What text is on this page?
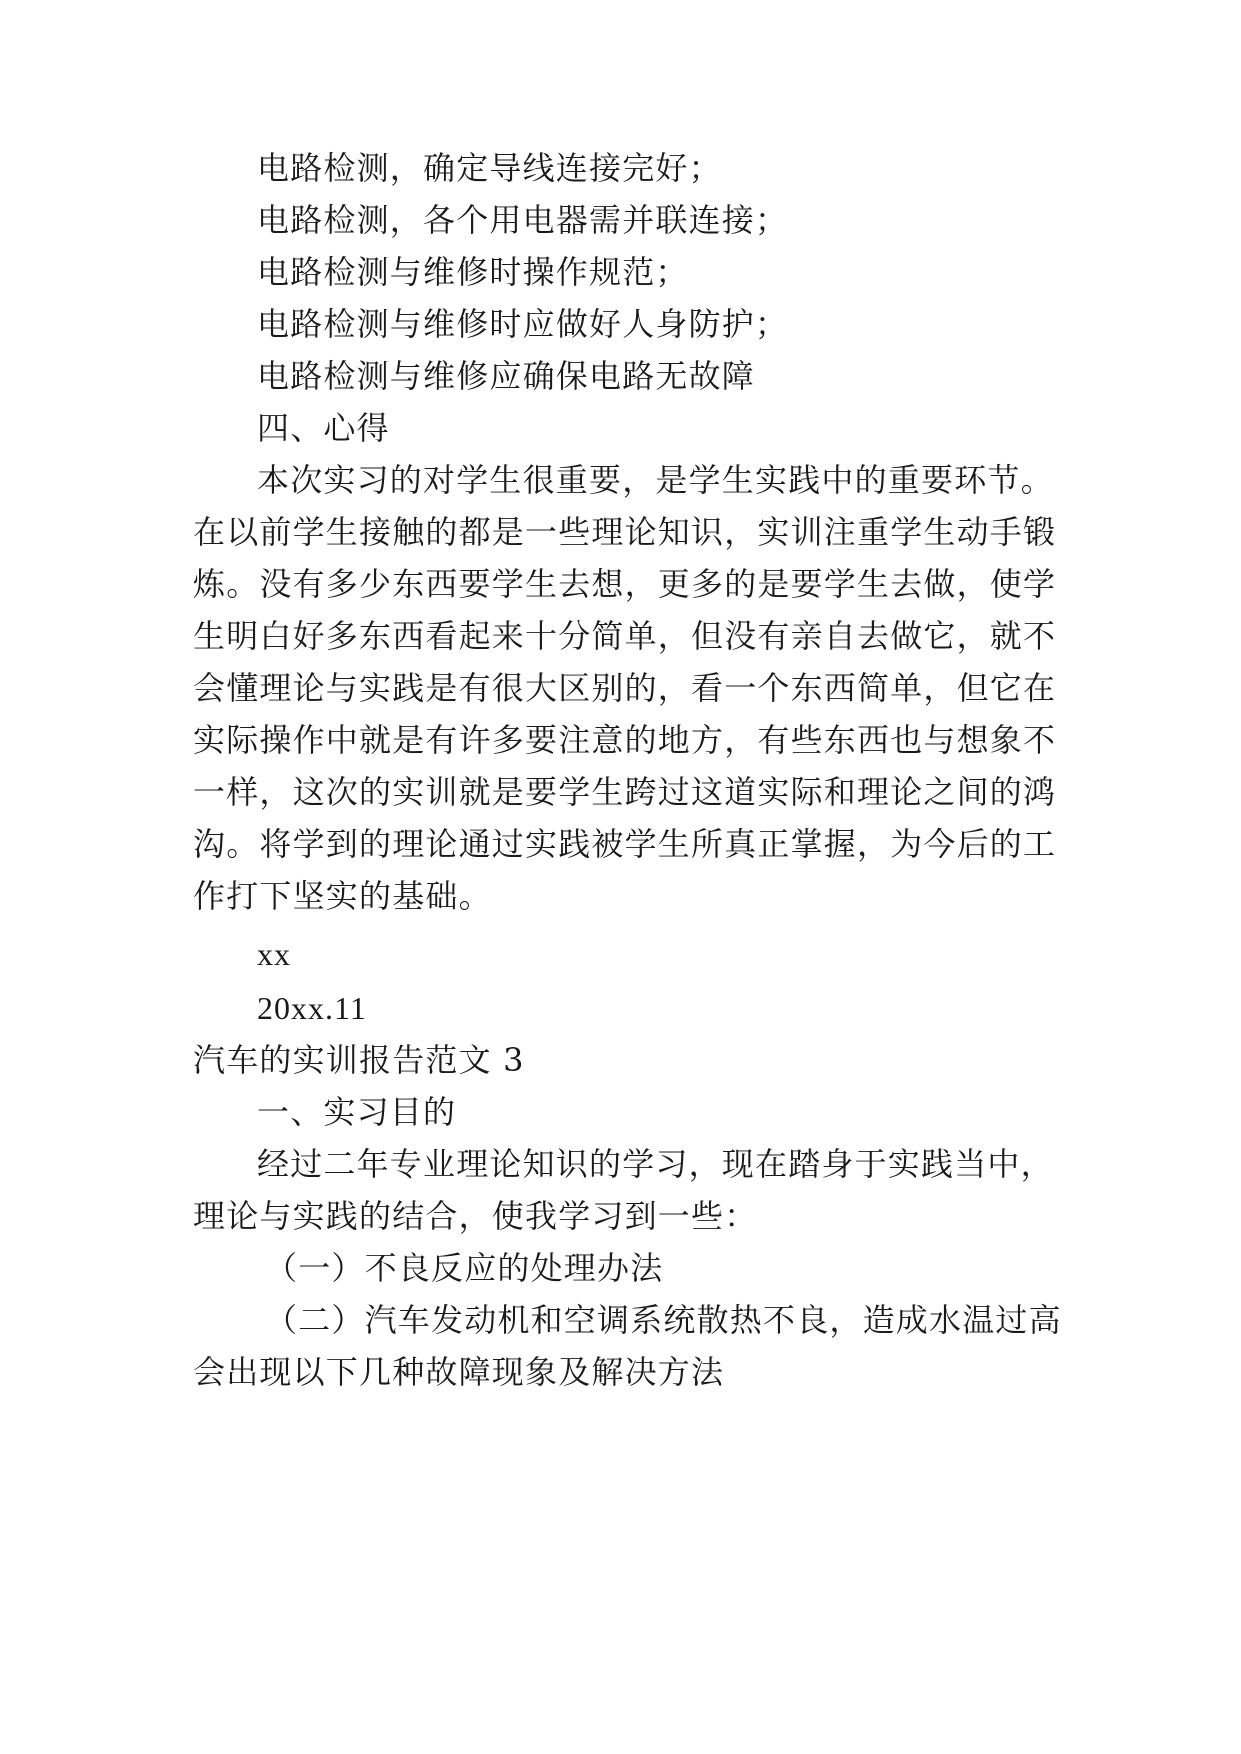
电路检测，确定导线连接完好；
电路检测，各个用电器需并联连接；
电路检测与维修时操作规范；
电路检测与维修时应做好人身防护；
电路检测与维修应确保电路无故障
四、心得
本次实习的对学生很重要，是学生实践中的重要环节。
在以前学生接触的都是一些理论知识，实训注重学生动手锻
炼。没有多少东西要学生去想，更多的是要学生去做，使学
生明白好多东西看起来十分简单，但没有亲自去做它，就不
会懂理论与实践是有很大区别的，看一个东西简单，但它在
实际操作中就是有许多要注意的地方，有些东西也与想象不
一样，这次的实训就是要学生跨过这道实际和理论之间的鸿
沟。将学到的理论通过实践被学生所真正掌握，为今后的工
作打下坚实的基础。
xx
20xx.11
汽车的实训报告范文 3
一、实习目的
经过二年专业理论知识的学习，现在踏身于实践当中，
理论与实践的结合，使我学习到一些：
（一）不良反应的处理办法
（二）汽车发动机和空调系统散热不良，造成水温过高
会出现以下几种故障现象及解决方法
